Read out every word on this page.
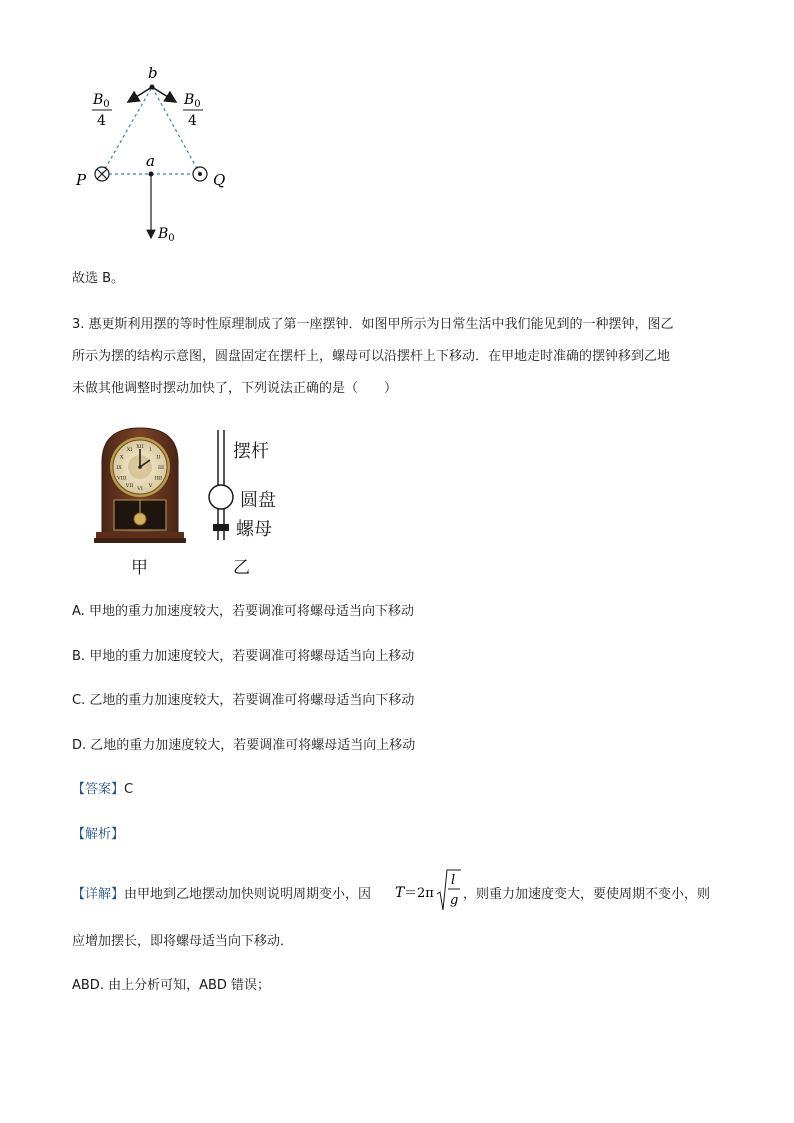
b
a
P	Q
$B_0$
4
$B_0$
4
$B_0$
故选 B。
3. 惠更斯利用摆的等时性原理制成了第一座摆钟．如图甲所示为日常生活中我们能见到的一种摆钟，图乙
所示为摆的结构示意图，圆盘固定在摆杆上，螺母可以沿摆杆上下移动．在甲地走时准确的摆钟移到乙地
未做其他调整时摆动加快了，下列说法正确的是（　　）
XII I
II
III
IIII
V
VI
VII
VIII
IX
X
XI	摆杆
圆盘
螺母
甲	乙
A. 甲地的重力加速度较大，若要调准可将螺母适当向下移动
B. 甲地的重力加速度较大，若要调准可将螺母适当向上移动
C. 乙地的重力加速度较大，若要调准可将螺母适当向下移动
D. 乙地的重力加速度较大，若要调准可将螺母适当向上移动
【答案】C
【解析】
【详解】由甲地到乙地摆动加快则说明周期变小，因 T ＝2π
l
g ，则重力加速度变大，要使周期不变小，则
应增加摆长，即将螺母适当向下移动．
ABD. 由上分析可知，ABD 错误；
